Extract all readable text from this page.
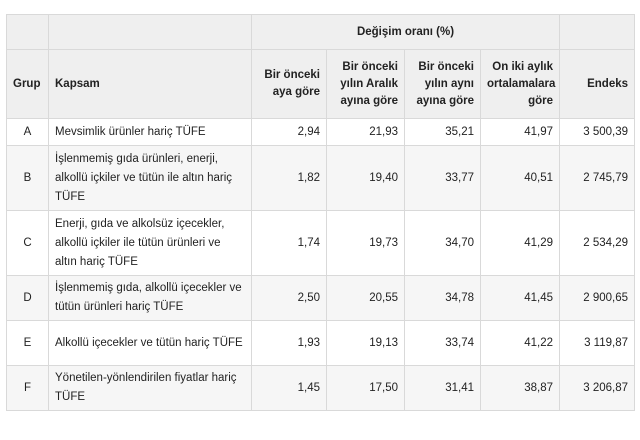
		Değişim oranı (%)				
Grup	Kapsam	Bir önceki ayа göre	Bir önceki yılın Aralık ayına göre	Bir önceki yılın aynı ayına göre	On iki aylık ortalamalara göre	Endeks
A	Mevsimlik ürünler hariç TÜFE	2,94	21,93	35,21	41,97	3 500,39
B	İşlenmemiş gıda ürünleri, enerji, alkollü içkiler ve tütün ile altın hariç TÜFE	1,82	19,40	33,77	40,51	2 745,79
C	Enerji, gıda ve alkolsüz içecekler, alkollü içkiler ile tütün ürünleri ve altın hariç TÜFE	1,74	19,73	34,70	41,29	2 534,29
D	İşlenmemiş gıda, alkollü içecekler ve tütün ürünleri hariç TÜFE	2,50	20,55	34,78	41,45	2 900,65
E	Alkollü içecekler ve tütün hariç TÜFE	1,93	19,13	33,74	41,22	3 119,87
F	Yönetilen-yönlendirilen fiyatlar hariç TÜFE	1,45	17,50	31,41	38,87	3 206,87
